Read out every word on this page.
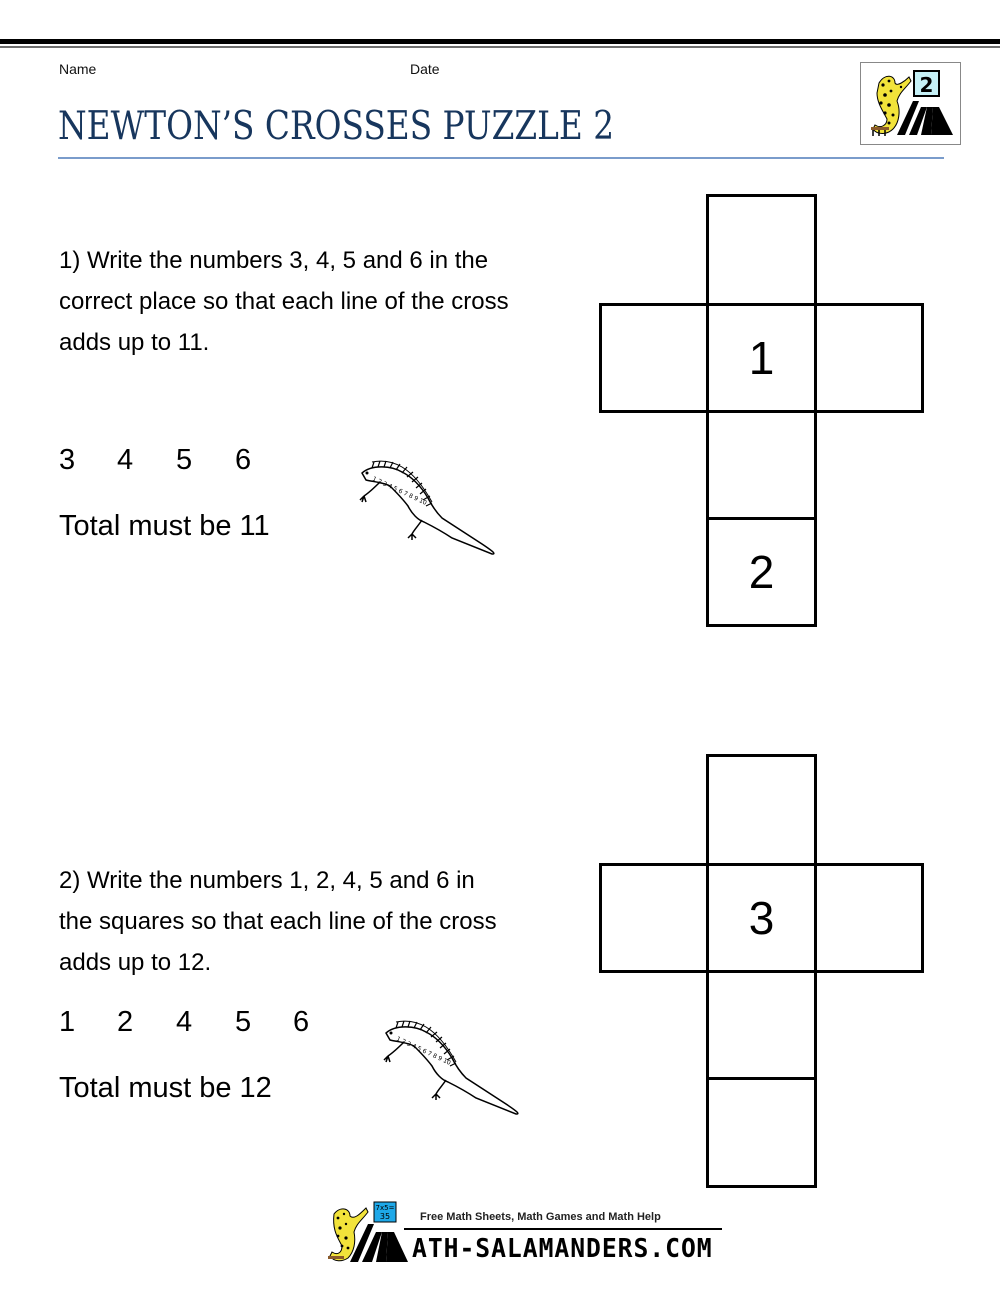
Name	Date
NEWTON’S CROSSES PUZZLE 2
2
1) Write the numbers 3, 4, 5 and 6 in the
correct place so that each line of the cross
adds up to 11.
3 4 5 6
Total must be 11
1 2 3 4 5 6 7 8 9 10
2
1
2) Write the numbers 1, 2, 4, 5 and 6 in
the squares so that each line of the cross
adds up to 12.
1 2 4 5 6
Total must be 12
1 2 3 4 5 6 7 8 9 10
3
7x5=
35	Free Math Sheets, Math Games and Math Help
ATH-SALAMANDERS.COM
